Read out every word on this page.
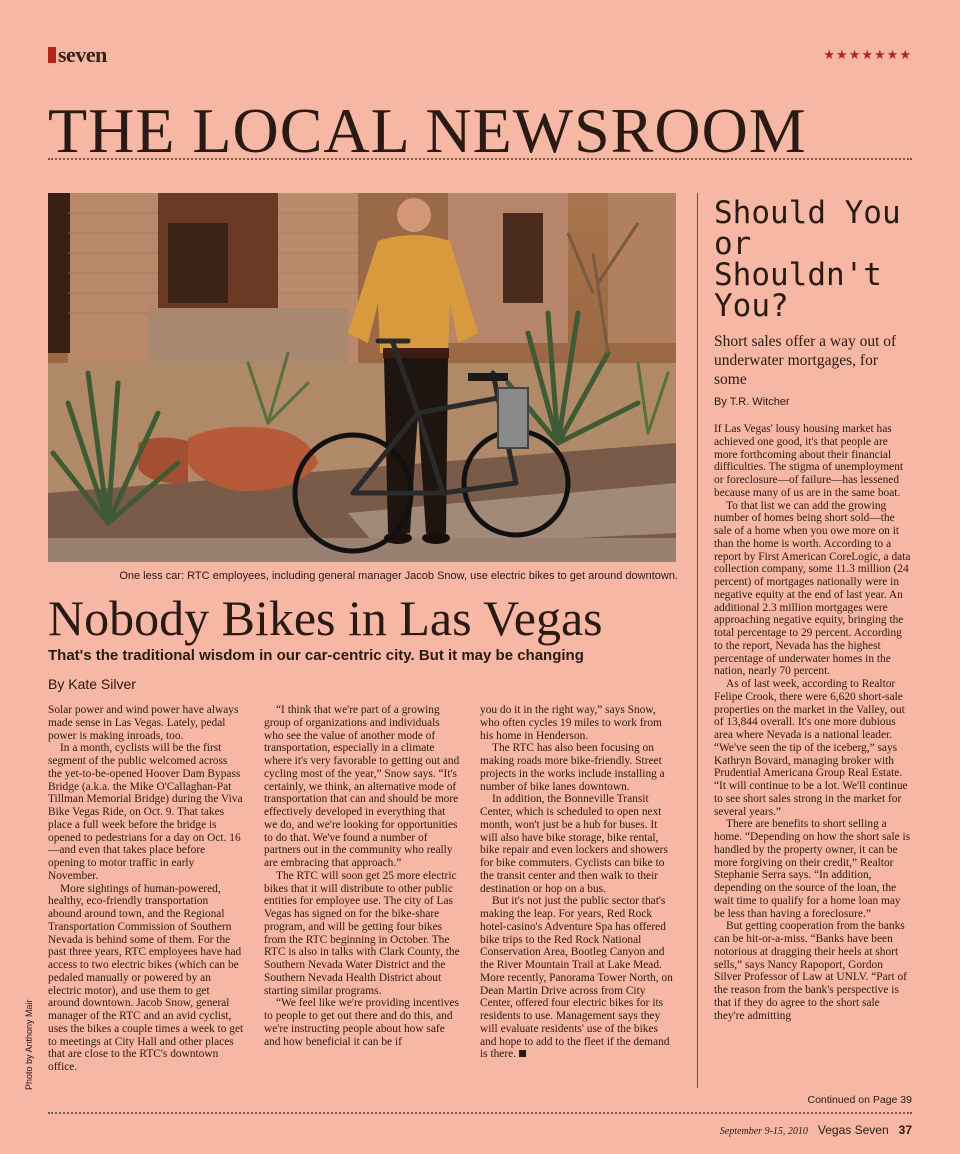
seven	★★★★★★★
THE LOCAL NEWSROOM
One less car: RTC employees, including general manager Jacob Snow, use electric bikes to get around downtown.
Photo by Anthony Mair
Nobody Bikes in Las Vegas
That's the traditional wisdom in our car-centric city. But it may be changing
By Kate Silver

Solar power and wind power have always made sense in Las Vegas. Lately, pedal power is making inroads, too.

In a month, cyclists will be the first segment of the public welcomed across the yet-to-be-opened Hoover Dam Bypass Bridge (a.k.a. the Mike O'Callaghan-Pat Tillman Memorial Bridge) during the Viva Bike Vegas Ride, on Oct. 9. That takes place a full week before the bridge is opened to pedestrians for a day on Oct. 16—and even that takes place before opening to motor traffic in early November.

More sightings of human-powered, healthy, eco-friendly transportation abound around town, and the Regional Transportation Commission of Southern Nevada is behind some of them. For the past three years, RTC employees have had access to two electric bikes (which can be pedaled manually or powered by an electric motor), and use them to get around downtown. Jacob Snow, general manager of the RTC and an avid cyclist, uses the bikes a couple times a week to get to meetings at City Hall and other places that are close to the RTC's downtown office.

“I think that we're part of a growing group of organizations and individuals who see the value of another mode of transportation, especially in a climate where it's very favorable to getting out and cycling most of the year,” Snow says. “It's certainly, we think, an alternative mode of transportation that can and should be more effectively developed in everything that we do, and we're looking for opportunities to do that. We've found a number of partners out in the community who really are embracing that approach.”

The RTC will soon get 25 more electric bikes that it will distribute to other public entities for employee use. The city of Las Vegas has signed on for the bike-share program, and will be getting four bikes from the RTC beginning in October. The RTC is also in talks with Clark County, the Southern Nevada Water District and the Southern Nevada Health District about starting similar programs.

“We feel like we're providing incentives to people to get out there and do this, and we're instructing people about how safe and how beneficial it can be if

you do it in the right way,” says Snow, who often cycles 19 miles to work from his home in Henderson.

The RTC has also been focusing on making roads more bike-friendly. Street projects in the works include installing a number of bike lanes downtown.

In addition, the Bonneville Transit Center, which is scheduled to open next month, won't just be a hub for buses. It will also have bike storage, bike rental, bike repair and even lockers and showers for bike commuters. Cyclists can bike to the transit center and then walk to their destination or hop on a bus.

But it's not just the public sector that's making the leap. For years, Red Rock hotel-casino's Adventure Spa has offered bike trips to the Red Rock National Conservation Area, Bootleg Canyon and the River Mountain Trail at Lake Mead. More recently, Panorama Tower North, on Dean Martin Drive across from City Center, offered four electric bikes for its residents to use. Management says they will evaluate residents' use of the bikes and hope to add to the fleet if the demand is there.

Should You or Shouldn't You?
Short sales offer a way out of underwater mortgages, for some
By T.R. Witcher

If Las Vegas' lousy housing market has achieved one good, it's that people are more forthcoming about their financial difficulties. The stigma of unemployment or foreclosure—of failure—has lessened because many of us are in the same boat.

To that list we can add the growing number of homes being short sold—the sale of a home when you owe more on it than the home is worth. According to a report by First American CoreLogic, a data collection company, some 11.3 million (24 percent) of mortgages nationally were in negative equity at the end of last year. An additional 2.3 million mortgages were approaching negative equity, bringing the total percentage to 29 percent. According to the report, Nevada has the highest percentage of underwater homes in the nation, nearly 70 percent.

As of last week, according to Realtor Felipe Crook, there were 6,620 short-sale properties on the market in the Valley, out of 13,844 overall. It's one more dubious area where Nevada is a national leader. “We've seen the tip of the iceberg,” says Kathryn Bovard, managing broker with Prudential Americana Group Real Estate. “It will continue to be a lot. We'll continue to see short sales strong in the market for several years.”

There are benefits to short selling a home. “Depending on how the short sale is handled by the property owner, it can be more forgiving on their credit,” Realtor Stephanie Serra says. “In addition, depending on the source of the loan, the wait time to qualify for a home loan may be less than having a foreclosure.”

But getting cooperation from the banks can be hit-or-a-miss. “Banks have been notorious at dragging their heels at short sells,” says Nancy Rapoport, Gordon Silver Professor of Law at UNLV. “Part of the reason from the bank's perspective is that if they do agree to the short sale they're admitting

Continued on Page 39
September 9-15, 2010 Vegas Seven 37
